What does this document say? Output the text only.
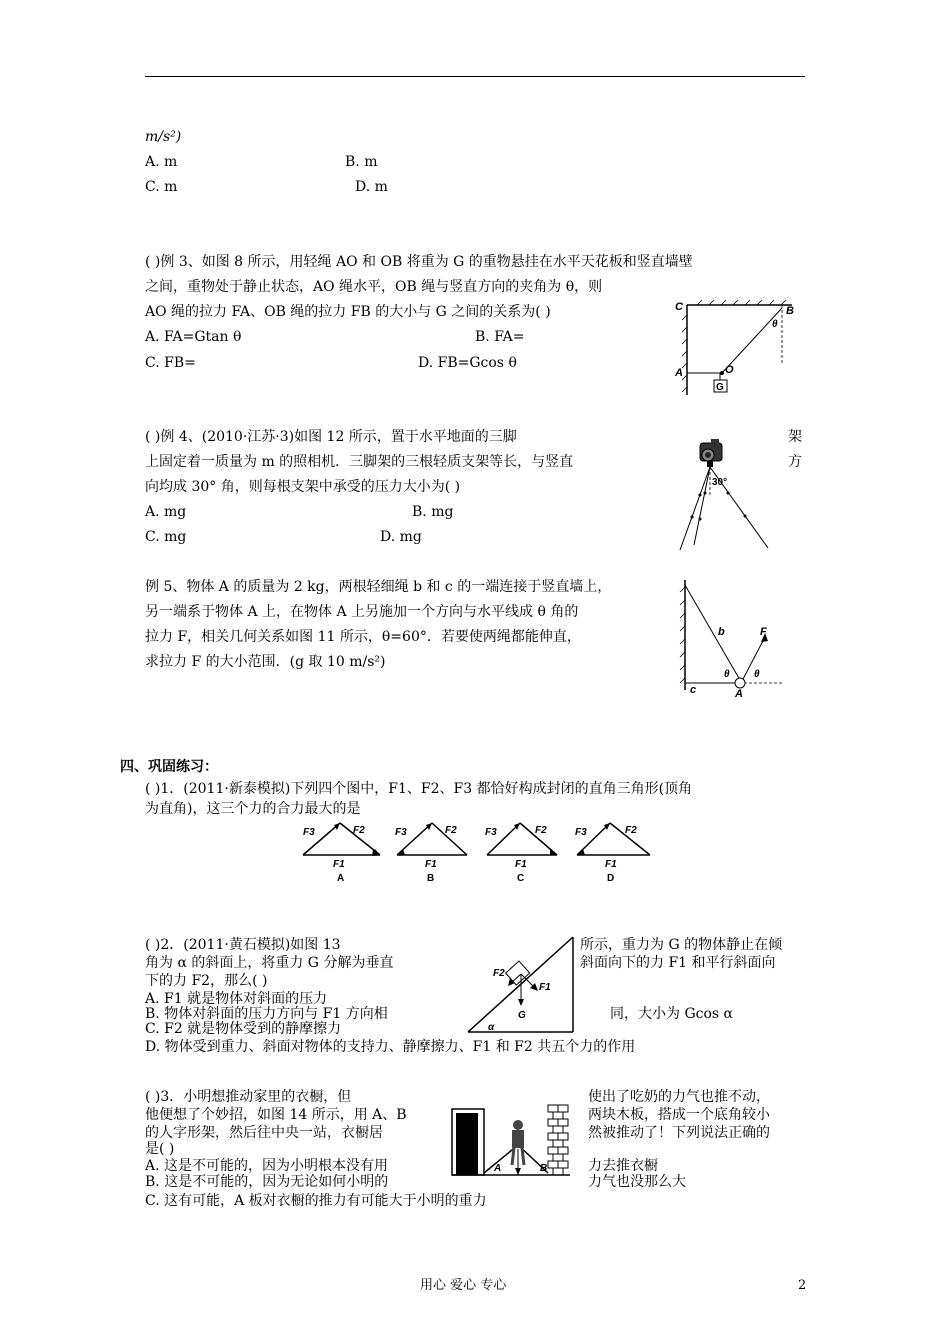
m/s²)
A. m	B. m
C. m	D. m
( )例 3、如图 8 所示，用轻绳 AO 和 OB 将重为 G 的重物悬挂在水平天花板和竖直墙壁
之间，重物处于静止状态，AO 绳水平，OB 绳与竖直方向的夹角为 θ，则
AO 绳的拉力 FA、OB 绳的拉力 FB 的大小与 G 之间的关系为( )
A. FA=Gtan θ	B. FA=
C. FB=	D. FB=Gcos θ
C	B
θ
A	O
G
( )例 4、(2010·江苏·3)如图 12 所示，置于水平地面的三脚	架
上固定着一质量为 m 的照相机．三脚架的三根轻质支架等长，与竖直	方
向均成 30° 角，则每根支架中承受的压力大小为( )
A. mg	B. mg
C. mg	D. mg
30°
例 5、物体 A 的质量为 2 kg，两根轻细绳 b 和 c 的一端连接于竖直墙上，
另一端系于物体 A 上，在物体 A 上另施加一个方向与水平线成 θ 角的
拉力 F，相关几何关系如图 11 所示，θ=60°．若要使两绳都能伸直，
求拉力 F 的大小范围．(g 取 10 m/s²)
b	F
θ θ
c	A
四、巩固练习：
( )1．(2011·新泰模拟)下列四个图中，F1、F2、F3 都恰好构成封闭的直角三角形(顶角
为直角)，这三个力的合力最大的是
F3	F2
F1
A
F3	F2
F1
B
F3	F2
F1
C
F3	F2
F1
D
( )2．(2011·黄石模拟)如图 13	所示，重力为 G 的物体静止在倾
角为 α 的斜面上，将重力 G 分解为垂直	斜面向下的力 F1 和平行斜面向
下的力 F2，那么( )
A. F1 就是物体对斜面的压力
B. 物体对斜面的压力方向与 F1 方向相	同，大小为 Gcos α
C. F2 就是物体受到的静摩擦力
D. 物体受到重力、斜面对物体的支持力、静摩擦力、F1 和 F2 共五个力的作用
F2
F1
G
α
( )3．小明想推动家里的衣橱，但	使出了吃奶的力气也推不动，
他便想了个妙招，如图 14 所示，用 A、B	两块木板，搭成一个底角较小
的人字形架，然后往中央一站，衣橱居	然被推动了！下列说法正确的
是( )
A. 这是不可能的，因为小明根本没有用	力去推衣橱
B. 这是不可能的，因为无论如何小明的	力气也没那么大
C. 这有可能，A 板对衣橱的推力有可能大于小明的重力
A	B
用心 爱心 专心	2
